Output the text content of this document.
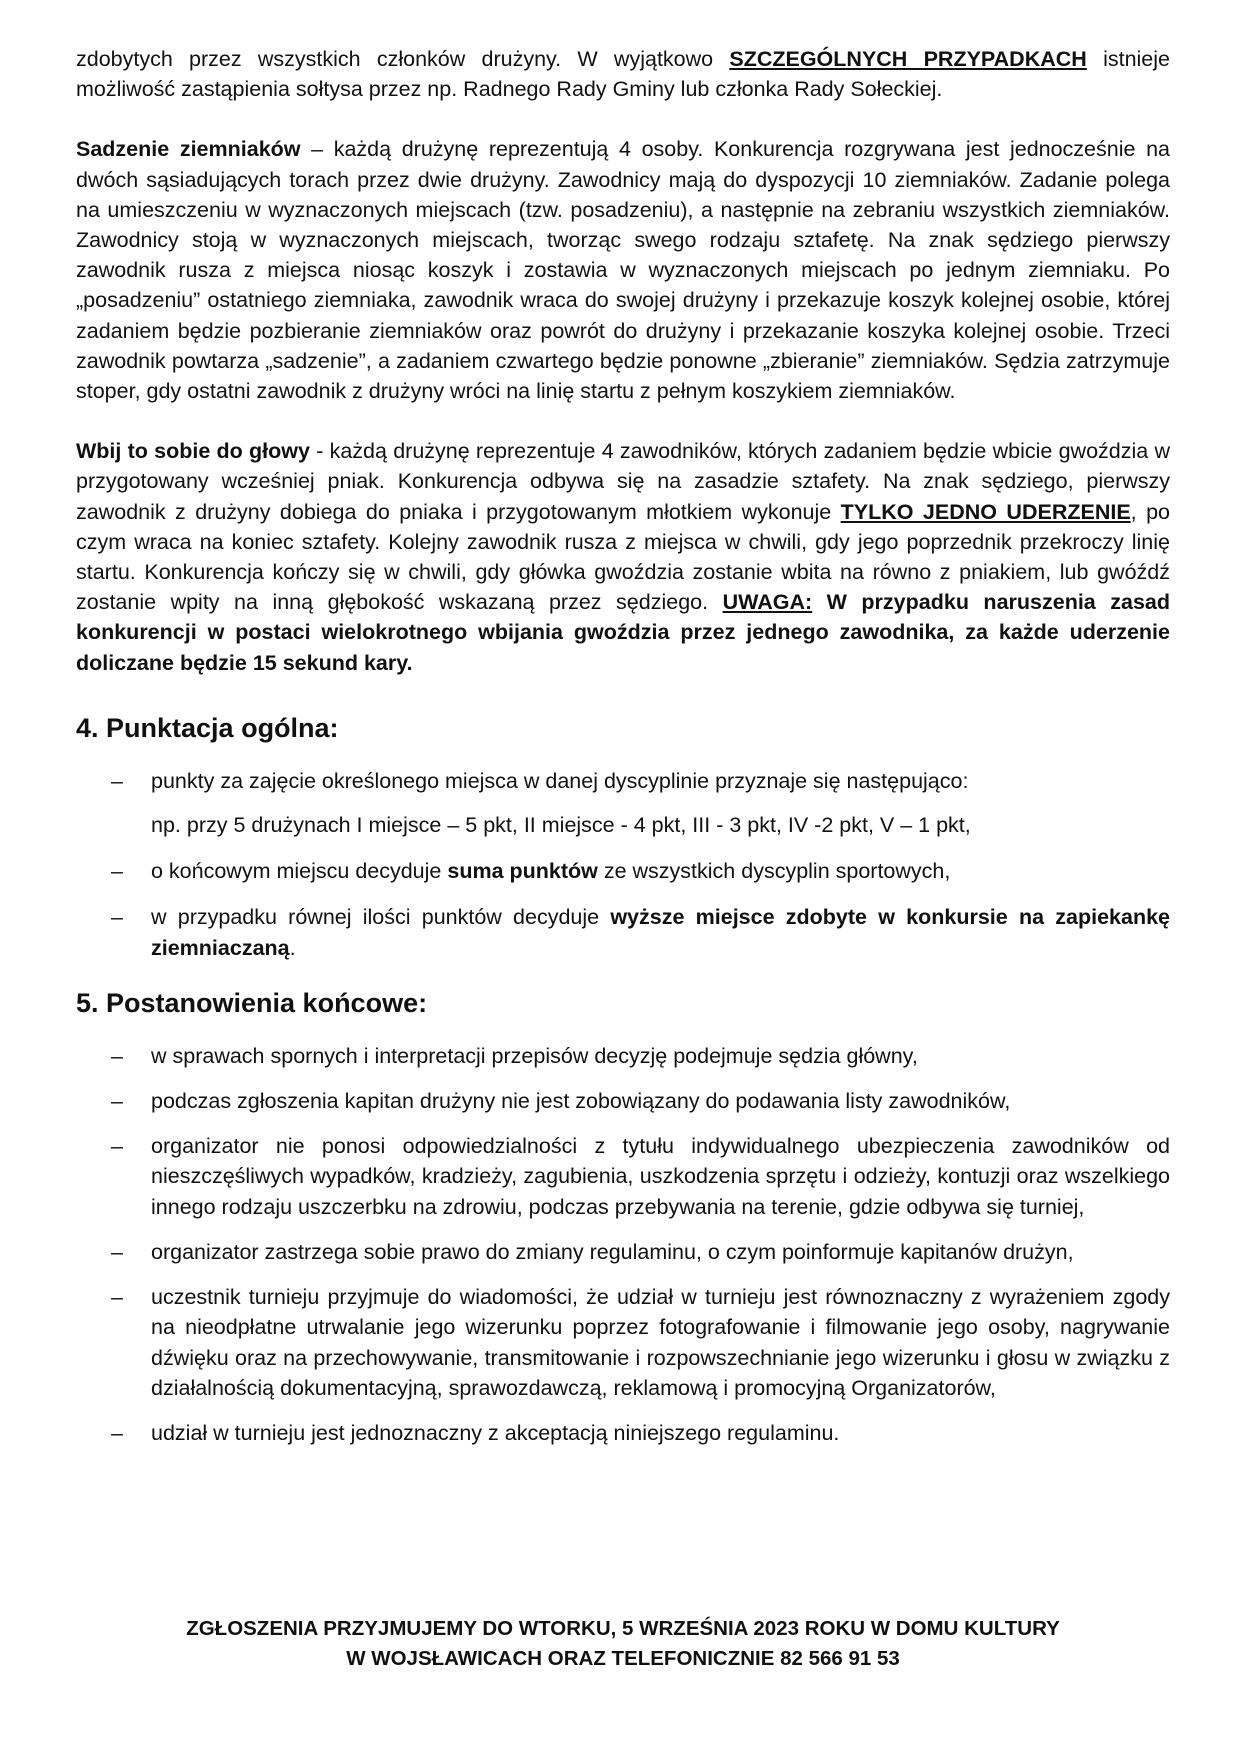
zdobytych przez wszystkich członków drużyny. W wyjątkowo SZCZEGÓLNYCH PRZYPADKACH istnieje możliwość zastąpienia sołtysa przez np. Radnego Rady Gminy lub członka Rady Sołeckiej.

Sadzenie ziemniaków – każdą drużynę reprezentują 4 osoby. Konkurencja rozgrywana jest jednocześnie na dwóch sąsiadujących torach przez dwie drużyny. Zawodnicy mają do dyspozycji 10 ziemniaków. Zadanie polega na umieszczeniu w wyznaczonych miejscach (tzw. posadzeniu), a następnie na zebraniu wszystkich ziemniaków. Zawodnicy stoją w wyznaczonych miejscach, tworząc swego rodzaju sztafetę. Na znak sędziego pierwszy zawodnik rusza z miejsca niosąc koszyk i zostawia w wyznaczonych miejscach po jednym ziemniaku. Po „posadzeniu” ostatniego ziemniaka, zawodnik wraca do swojej drużyny i przekazuje koszyk kolejnej osobie, której zadaniem będzie pozbieranie ziemniaków oraz powrót do drużyny i przekazanie koszyka kolejnej osobie. Trzeci zawodnik powtarza „sadzenie”, a zadaniem czwartego będzie ponowne „zbieranie” ziemniaków. Sędzia zatrzymuje stoper, gdy ostatni zawodnik z drużyny wróci na linię startu z pełnym koszykiem ziemniaków.

Wbij to sobie do głowy - każdą drużynę reprezentuje 4 zawodników, których zadaniem będzie wbicie gwoździa w przygotowany wcześniej pniak. Konkurencja odbywa się na zasadzie sztafety. Na znak sędziego, pierwszy zawodnik z drużyny dobiega do pniaka i przygotowanym młotkiem wykonuje TYLKO JEDNO UDERZENIE, po czym wraca na koniec sztafety. Kolejny zawodnik rusza z miejsca w chwili, gdy jego poprzednik przekroczy linię startu. Konkurencja kończy się w chwili, gdy główka gwoździa zostanie wbita na równo z pniakiem, lub gwóźdź zostanie wpity na inną głębokość wskazaną przez sędziego. UWAGA: W przypadku naruszenia zasad konkurencji w postaci wielokrotnego wbijania gwoździa przez jednego zawodnika, za każde uderzenie doliczane będzie 15 sekund kary.

4. Punktacja ogólna:
– punkty za zajęcie określonego miejsca w danej dyscyplinie przyznaje się następująco:
np. przy 5 drużynach I miejsce – 5 pkt, II miejsce - 4 pkt, III - 3 pkt, IV -2 pkt, V – 1 pkt,
– o końcowym miejscu decyduje suma punktów ze wszystkich dyscyplin sportowych,
– w przypadku równej ilości punktów decyduje wyższe miejsce zdobyte w konkursie na zapiekankę ziemniaczaną.
5. Postanowienia końcowe:
– w sprawach spornych i interpretacji przepisów decyzję podejmuje sędzia główny,
– podczas zgłoszenia kapitan drużyny nie jest zobowiązany do podawania listy zawodników,
– organizator nie ponosi odpowiedzialności z tytułu indywidualnego ubezpieczenia zawodników od nieszczęśliwych wypadków, kradzieży, zagubienia, uszkodzenia sprzętu i odzieży, kontuzji oraz wszelkiego innego rodzaju uszczerbku na zdrowiu, podczas przebywania na terenie, gdzie odbywa się turniej,
– organizator zastrzega sobie prawo do zmiany regulaminu, o czym poinformuje kapitanów drużyn,
– uczestnik turnieju przyjmuje do wiadomości, że udział w turnieju jest równoznaczny z wyrażeniem zgody na nieodpłatne utrwalanie jego wizerunku poprzez fotografowanie i filmowanie jego osoby, nagrywanie dźwięku oraz na przechowywanie, transmitowanie i rozpowszechnianie jego wizerunku i głosu w związku z działalnością dokumentacyjną, sprawozdawczą, reklamową i promocyjną Organizatorów,
– udział w turnieju jest jednoznaczny z akceptacją niniejszego regulaminu.
ZGŁOSZENIA PRZYJMUJEMY DO WTORKU, 5 WRZEŚNIA 2023 ROKU W DOMU KULTURY
W WOJSŁAWICACH ORAZ TELEFONICZNIE 82 566 91 53
